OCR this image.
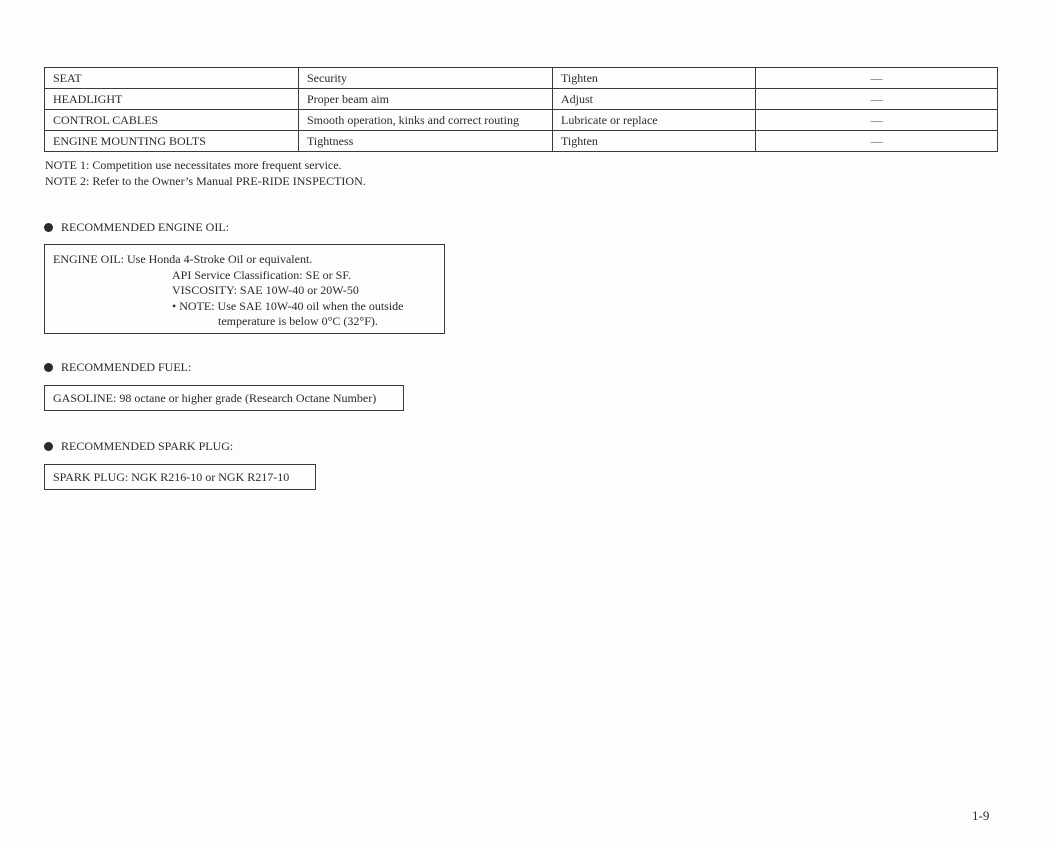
SEAT	Security	Tighten	—
HEADLIGHT	Proper beam aim	Adjust	—
CONTROL CABLES	Smooth operation, kinks and correct routing	Lubricate or replace	—
ENGINE MOUNTING BOLTS	Tightness	Tighten	—
NOTE 1: Competition use necessitates more frequent service.
NOTE 2: Refer to the Owner’s Manual PRE-RIDE INSPECTION.
RECOMMENDED ENGINE OIL:
ENGINE OIL: Use Honda 4-Stroke Oil or equivalent.
API Service Classification: SE or SF.
VISCOSITY: SAE 10W-40 or 20W-50
• NOTE: Use SAE 10W-40 oil when the outside
temperature is below 0°C (32°F).
RECOMMENDED FUEL:
GASOLINE: 98 octane or higher grade (Research Octane Number)
RECOMMENDED SPARK PLUG:
SPARK PLUG: NGK R216-10 or NGK R217-10
1-9
